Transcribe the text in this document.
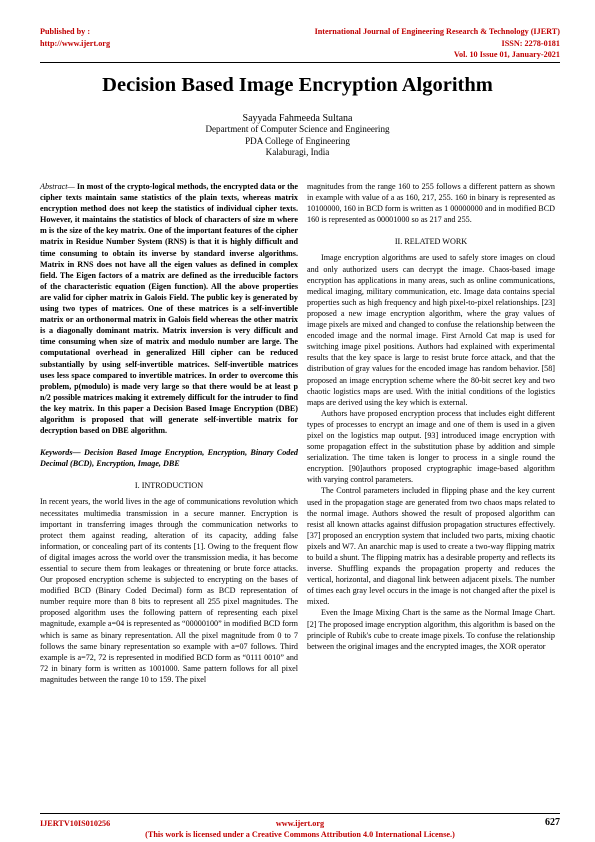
Published by :
http://www.ijert.org
International Journal of Engineering Research & Technology (IJERT)
ISSN: 2278-0181
Vol. 10 Issue 01, January-2021
Decision Based Image Encryption Algorithm
Sayyada Fahmeeda Sultana
Department of Computer Science and Engineering
PDA College of Engineering
Kalaburagi, India

Abstract— In most of the crypto-logical methods, the encrypted data or the cipher texts maintain same statistics of the plain texts, whereas matrix encryption method does not keep the statistics of individual cipher texts. However, it maintains the statistics of block of characters of size m where m is the size of the key matrix. One of the important features of the cipher matrix in Residue Number System (RNS) is that it is highly difficult and time consuming to obtain its inverse by standard inverse algorithms. Matrix in RNS does not have all the eigen values as defined in complex field. The Eigen factors of a matrix are defined as the irreducible factors of the characteristic equation (Eigen function). All the above properties are valid for cipher matrix in Galois Field. The public key is generated by using two types of matrices. One of these matrices is a self-invertible matrix or an orthonormal matrix in Galois field whereas the other matrix is a diagonally dominant matrix. Matrix inversion is very difficult and time consuming when size of matrix and modulo number are large. The computational overhead in generalized Hill cipher can be reduced substantially by using self-invertible matrices. Self-invertible matrices uses less space compared to invertible matrices. In order to overcome this problem, p(modulo) is made very large so that there would be at least p n/2 possible matrices making it extremely difficult for the intruder to find the key matrix. In this paper a Decision Based Image Encryption (DBE) algorithm is proposed that will generate self-invertible matrix for decryption based on DBE algorithm.

Keywords— Decision Based Image Encryption, Encryption, Binary Coded Decimal (BCD), Encryption, Image, DBE

I. INTRODUCTION

In recent years, the world lives in the age of communications revolution which necessitates multimedia transmission in a secure manner. Encryption is important in transferring images through the communication networks to protect them against reading, alteration of its capacity, adding false information, or concealing part of its contents [1]. Owing to the frequent flow of digital images across the world over the transmission media, it has become essential to secure them from leakages or threatening or brute force attacks. Our proposed encryption scheme is subjected to encrypting on the bases of modified BCD (Binary Coded Decimal) form as BCD representation of number require more than 8 bits to represent all 255 pixel magnitudes. The proposed algorithm uses the following pattern of representing each pixel magnitude, example a=04 is represented as “00000100” in modified BCD form which is same as binary representation. All the pixel magnitude from 0 to 7 follows the same binary representation so example with a=07 follows. Third example is a=72, 72 is represented in modified BCD form as “0111 0010” and 72 in binary form is written as 1001000. Same pattern follows for all pixel magnitudes between the range 10 to 159. The pixel

magnitudes from the range 160 to 255 follows a different pattern as shown in example with value of a as 160, 217, 255. 160 in binary is represented as 10100000, 160 in BCD form is written as 1 00000000 and in modified BCD 160 is represented as 00001000 so as 217 and 255.

II. RELATED WORK

Image encryption algorithms are used to safely store images on cloud and only authorized users can decrypt the image. Chaos-based image encryption has applications in many areas, such as online communications, medical imaging, military communication, etc. Image data contains special properties such as high frequency and high pixel-to-pixel relationships. [23] proposed a new image encryption algorithm, where the gray values of image pixels are mixed and changed to confuse the relationship between the encoded image and the normal image. First Arnold Cat map is used for switching image pixel positions. Authors had explained with experimental results that the key space is large to resist brute force attack, and that the distribution of gray values for the encoded image has random behavior. [58] proposed an image encryption scheme where the 80-bit secret key and two chaotic logistics maps are used. With the initial conditions of the logistics maps are derived using the key which is external.

Authors have proposed encryption process that includes eight different types of processes to encrypt an image and one of them is used in a given pixel on the logistics map output. [93] introduced image encryption with some propagation effect in the substitution phase by addition and simple serialization. The time taken is longer to process in a single round the encryption. [90]authors proposed cryptographic image-based algorithm with varying control parameters.

The Control parameters included in flipping phase and the key current used in the propagation stage are generated from two chaos maps related to the normal image. Authors showed the result of proposed algorithm can resist all known attacks against diffusion propagation structures effectively. [37] proposed an encryption system that included two parts, mixing chaotic pixels and W7. An anarchic map is used to create a two-way flipping matrix to build a shunt. The flipping matrix has a desirable property and reflects its inverse. Shuffling expands the propagation property and reduces the vertical, horizontal, and diagonal link between adjacent pixels. The number of times each gray level occurs in the image is not changed after the pixel is mixed.

Even the Image Mixing Chart is the same as the Normal Image Chart. [2] The proposed image encryption algorithm, this algorithm is based on the principle of Rubik's cube to create image pixels. To confuse the relationship between the original images and the encrypted images, the XOR operator

IJERTV10IS010256	www.ijert.org	627
(This work is licensed under a Creative Commons Attribution 4.0 International License.)
